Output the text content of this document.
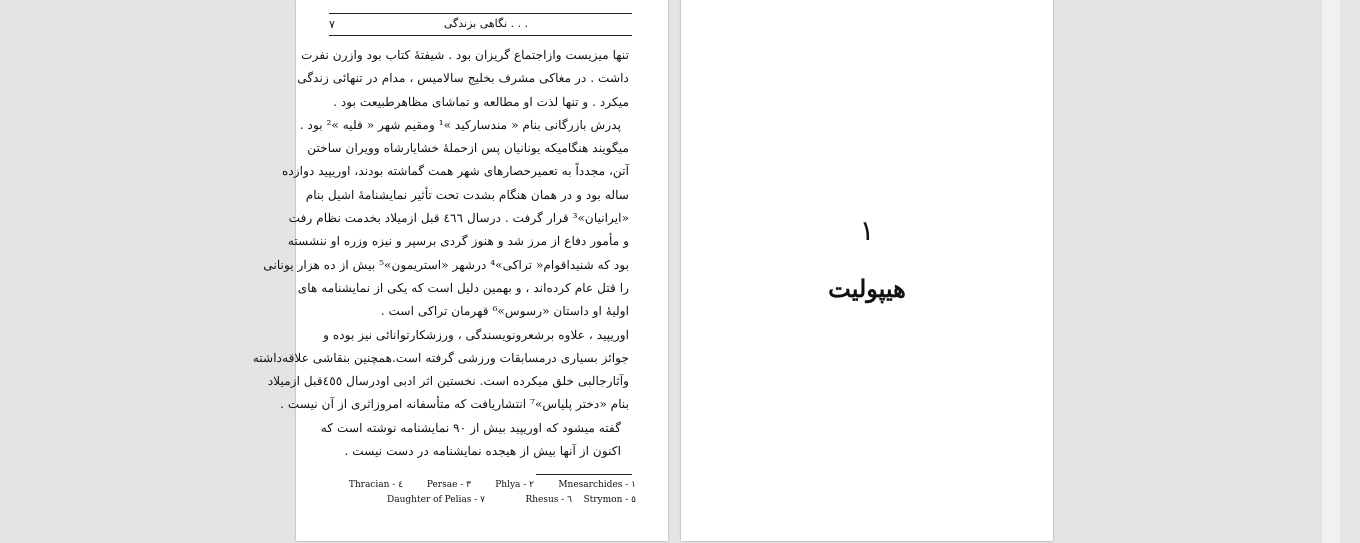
نگاهی بزندگی . . .
۷
تنها میزیست وازاجتماع گریزان بود . شیفتهٔ کتاب بود وازرن نفرت
داشت . در مغاکی مشرف بخلیج سالامیس ، مدام در تنهائی زندگی
میکرد . و تنها لذت او مطالعه و تماشای مظاهرطبیعت بود .
پدرش بازرگانی بنام « مندسارکید »¹ ومقیم شهر « فلیه »² بود .
میگویند هنگامیکه یونانیان پس ازحملهٔ خشایارشاه وویران ساختن
آتن، مجدداً به تعمیرحصارهای شهر همت گماشته بودند، اوریپید دوازده
ساله بود و در همان هنگام بشدت تحت تأثیر نمایشنامهٔ اشیل بنام
«ایرانیان»³ قرار گرفت . درسال ٤٦٦ قبل ازمیلاد بخدمت نظام رفت
و مأمور دفاع از مرز شد و هنوز گردی برسپر و نیزه وزره او ننشسته
بود که شنیداقوام« تراکی»⁴ درشهر «استریمون»⁵ بیش از ده هزار یونانی
را قتل عام کرده‌اند ، و بهمین دلیل است که یکی از نمایشنامه های
اولیهٔ او داستان «رسوس»⁶ قهرمان تراکی است .
اوریپید ، علاوه برشعرونویسندگی ، ورزشکارتوانائی نیز بوده و
جوائز بسیاری درمسابقات ورزشی گرفته است.همچنین بنقاشی علاقه‌داشته
وآثارجالبی خلق میکرده است. نخستین اثر ادبی اودرسال ٤٥٥قبل ازمیلاد
بنام «دختر پلیاس»⁷ انتشاریافت که متأسفانه امروزاثری از آن نیست .
گفته میشود که اوریپید بیش از ۹۰ نمایشنامه نوشته است که
اکنون از آنها بیش از هیجده نمایشنامه در دست نیست .
Mnesarchides - ۱
Phlya - ۲
Persae - ۳
Thracian - ٤
Strymon - ٥
Rhesus - ٦
Daughter of Pelias - ۷
۱
هیپولیت
